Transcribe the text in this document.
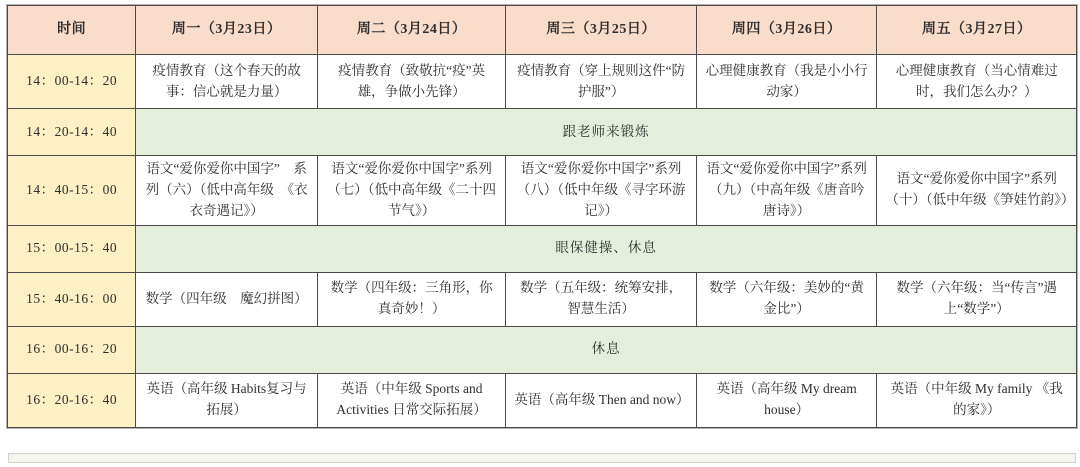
时间	周一（3月23日）	周二（3月24日）	周三（3月25日）	周四（3月26日）	周五（3月27日）
14：00-14：20	疫情教育（这个春天的故事：信心就是力量）	疫情教育（致敬抗“疫”英雄，争做小先锋）	疫情教育（穿上规则这件“防护服”）	心理健康教育（我是小小行动家）	心理健康教育（当心情难过时，我们怎么办？）
14：20-14：40	跟老师来锻炼				
14：40-15：00	语文“爱你爱你中国字”　系列（六）（低中高年级　《衣衣奇遇记》）	语文“爱你爱你中国字”系列（七）（低中高年级《二十四节气》）	语文“爱你爱你中国字”系列（八）（低中年级《寻字环游记》）	语文“爱你爱你中国字”系列（九）（中高年级《唐音吟唐诗》）	语文“爱你爱你中国字”系列（十）（低中年级《笋娃竹韵》）
15：00-15：40	眼保健操、休息				
15：40-16：00	数学（四年级　魔幻拼图）	数学（四年级：三角形，你真奇妙！）	数学（五年级：统筹安排，智慧生活）	数学（六年级：美妙的“黄金比”）	数学（六年级：当“传言”遇上“数学”）
16：00-16：20	休息				
16：20-16：40	英语（高年级 Habits复习与拓展）	英语（中年级 Sports and Activities 日常交际拓展）	英语（高年级 Then and now）	英语（高年级 My dream house）	英语（中年级 My family 《我的家》）
